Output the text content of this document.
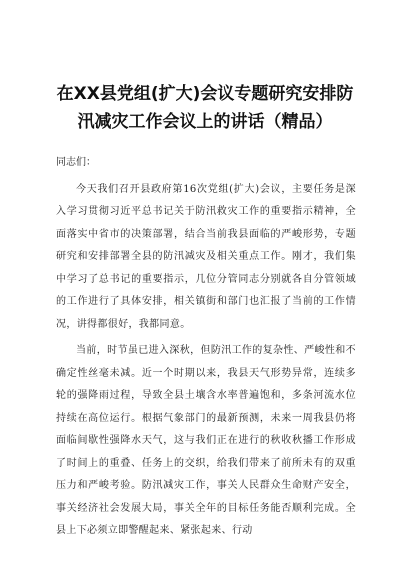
在XX县党组(扩大)会议专题研究安排防
汛减灾工作会议上的讲话（精品）
同志们：

今天我们召开县政府第16次党组(扩大)会议，主要任务是深入学习贯彻习近平总书记关于防汛救灾工作的重要指示精神，全面落实中省市的决策部署，结合当前我县面临的严峻形势，专题研究和安排部署全县的防汛减灾及相关重点工作。刚才，我们集中学习了总书记的重要指示，几位分管同志分别就各自分管领域的工作进行了具体安排，相关镇街和部门也汇报了当前的工作情况，讲得都很好，我都同意。

当前，时节虽已进入深秋，但防汛工作的复杂性、严峻性和不确定性丝毫未减。近一个时期以来，我县天气形势异常，连续多轮的强降雨过程，导致全县土壤含水率普遍饱和，多条河流水位持续在高位运行。根据气象部门的最新预测，未来一周我县仍将面临间歇性强降水天气，这与我们正在进行的秋收秋播工作形成了时间上的重叠、任务上的交织，给我们带来了前所未有的双重压力和严峻考验。防汛减灾工作，事关人民群众生命财产安全，事关经济社会发展大局，事关全年的目标任务能否顺利完成。全县上下必须立即警醒起来、紧张起来、行动
